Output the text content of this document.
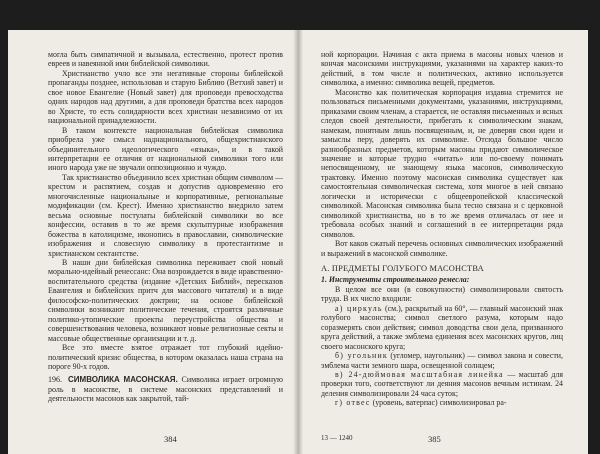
могла быть симпатичной и вызывала, естественно, протест против евреев и навеянной ими библейской символики.

Христианство учло все эти негативные стороны библейской пропаганды позднее, использовав и старую Библию (Ветхий завет) и свое новое Евангелие (Новый завет) для проповеди превосходства одних народов над другими, а для проповеди братства всех народов во Христе, то есть солидарности всех христиан независимо от их национальной принадлежности.

В таком контексте национальная библейская символика приобрела уже смысл наднационального, общехристианского объединительного идеологического «языка», и в такой интерпретации ее отличия от национальной символики того или иного народа уже не звучали оппозиционно и чуждо.

Так христианство объединило всех христиан общим символом — крестом и распятием, создав и допустив одновременно его многочисленные национальные и корпоративные, региональные модификации (см. Крест). Именно христианство внедрило затем весьма основные постулаты библейской символики во все конфессии, оставив в то же время скульптурные изображения божества в католицизме, иконопись в православии, символические изображения и словесную символику в протестантизме и христианском сектантстве.

В наши дни библейская символика переживает свой новый морально-идейный ренессанс: Она возрождается в виде нравственно-воспитательного средства (издание «Детских Библий», пересказов Евангелия и библейских притч для массового читателя) и в виде философско-политических доктрин; на основе библейской символики возникают политические течения, строятся различные политико-утопические проекты переустройства общества и совершенствования человека, возникают новые религиозные секты и массовые общественные организации и т. д.

Все это вместе взятое отражает тот глубокий идейно-политический кризис общества, в котором оказалась наша страна на пороге 90-х годов.

196. СИМВОЛИКА МАСОНСКАЯ. Символика играет огромную роль в масонстве, в системе масонских представлений и деятельности масонов как закрытой, тай-

384

ной корпорации. Начиная с акта приема в масоны новых членов и кончая масонскими инструкциями, указаниями на характер каких-то действий, в том числе и политических, активно используется символика, а именно: символика вещей, предметов.

Масонство как политическая корпорация издавна стремится не пользоваться письменными документами, указаниями, инструкциями, приказами своим членам, а старается, не оставляя письменных и ясных следов своей деятельности, прибегать к символическим знакам, намекам, понятным лишь посвященным, и, не доверяя свои идеи и замыслы перу, доверять их символике. Отсюда большое число разнообразных предметов, которым масоны придают символическое значение и которые трудно «читать» или по-своему понимать непосвященному, не знающему языка масонов, символическую трактовку. Именно поэтому масонская символика существует как самостоятельная символическая система, хотя многое в ней связано логически и исторически с общеевропейской классической символикой. Масонская символика была тесно связана и с церковной символикой христианства, но в то же время отличалась от нее и требовала особых знаний и соглашений в ее интерпретации ряда символов.

Вот каков сжатый перечень основных символических изображений и выражений в масонской символике.

А. ПРЕДМЕТЫ ГОЛУБОГО МАСОНСТВА

1. Инструменты строительного ремесла:

В целом все они (в совокупности) символизировали святость труда. В их число входили:

а) циркуль (см.), раскрытый на 60°, — главный масонский знак голубого масонства; символ светлого разума, которым надо соразмерять свои действия; символ доводства свои дела, призванного круга действий, а также эмблема единения всех масонских кругов, лиц своего масонского круга;

б) угольник (угломер, наугольник) — символ закона и совести, эмблема части земного шара, освещенной солнцем;

в) 24-дюймовая масштабная линейка — масштаб для проверки того, соответствуют ли деяния масонов вечным истинам. 24 деления символизировали 24 часа суток;

г) отвес (уровень, ватерпас) символизировал ра-

13 — 1240	385
